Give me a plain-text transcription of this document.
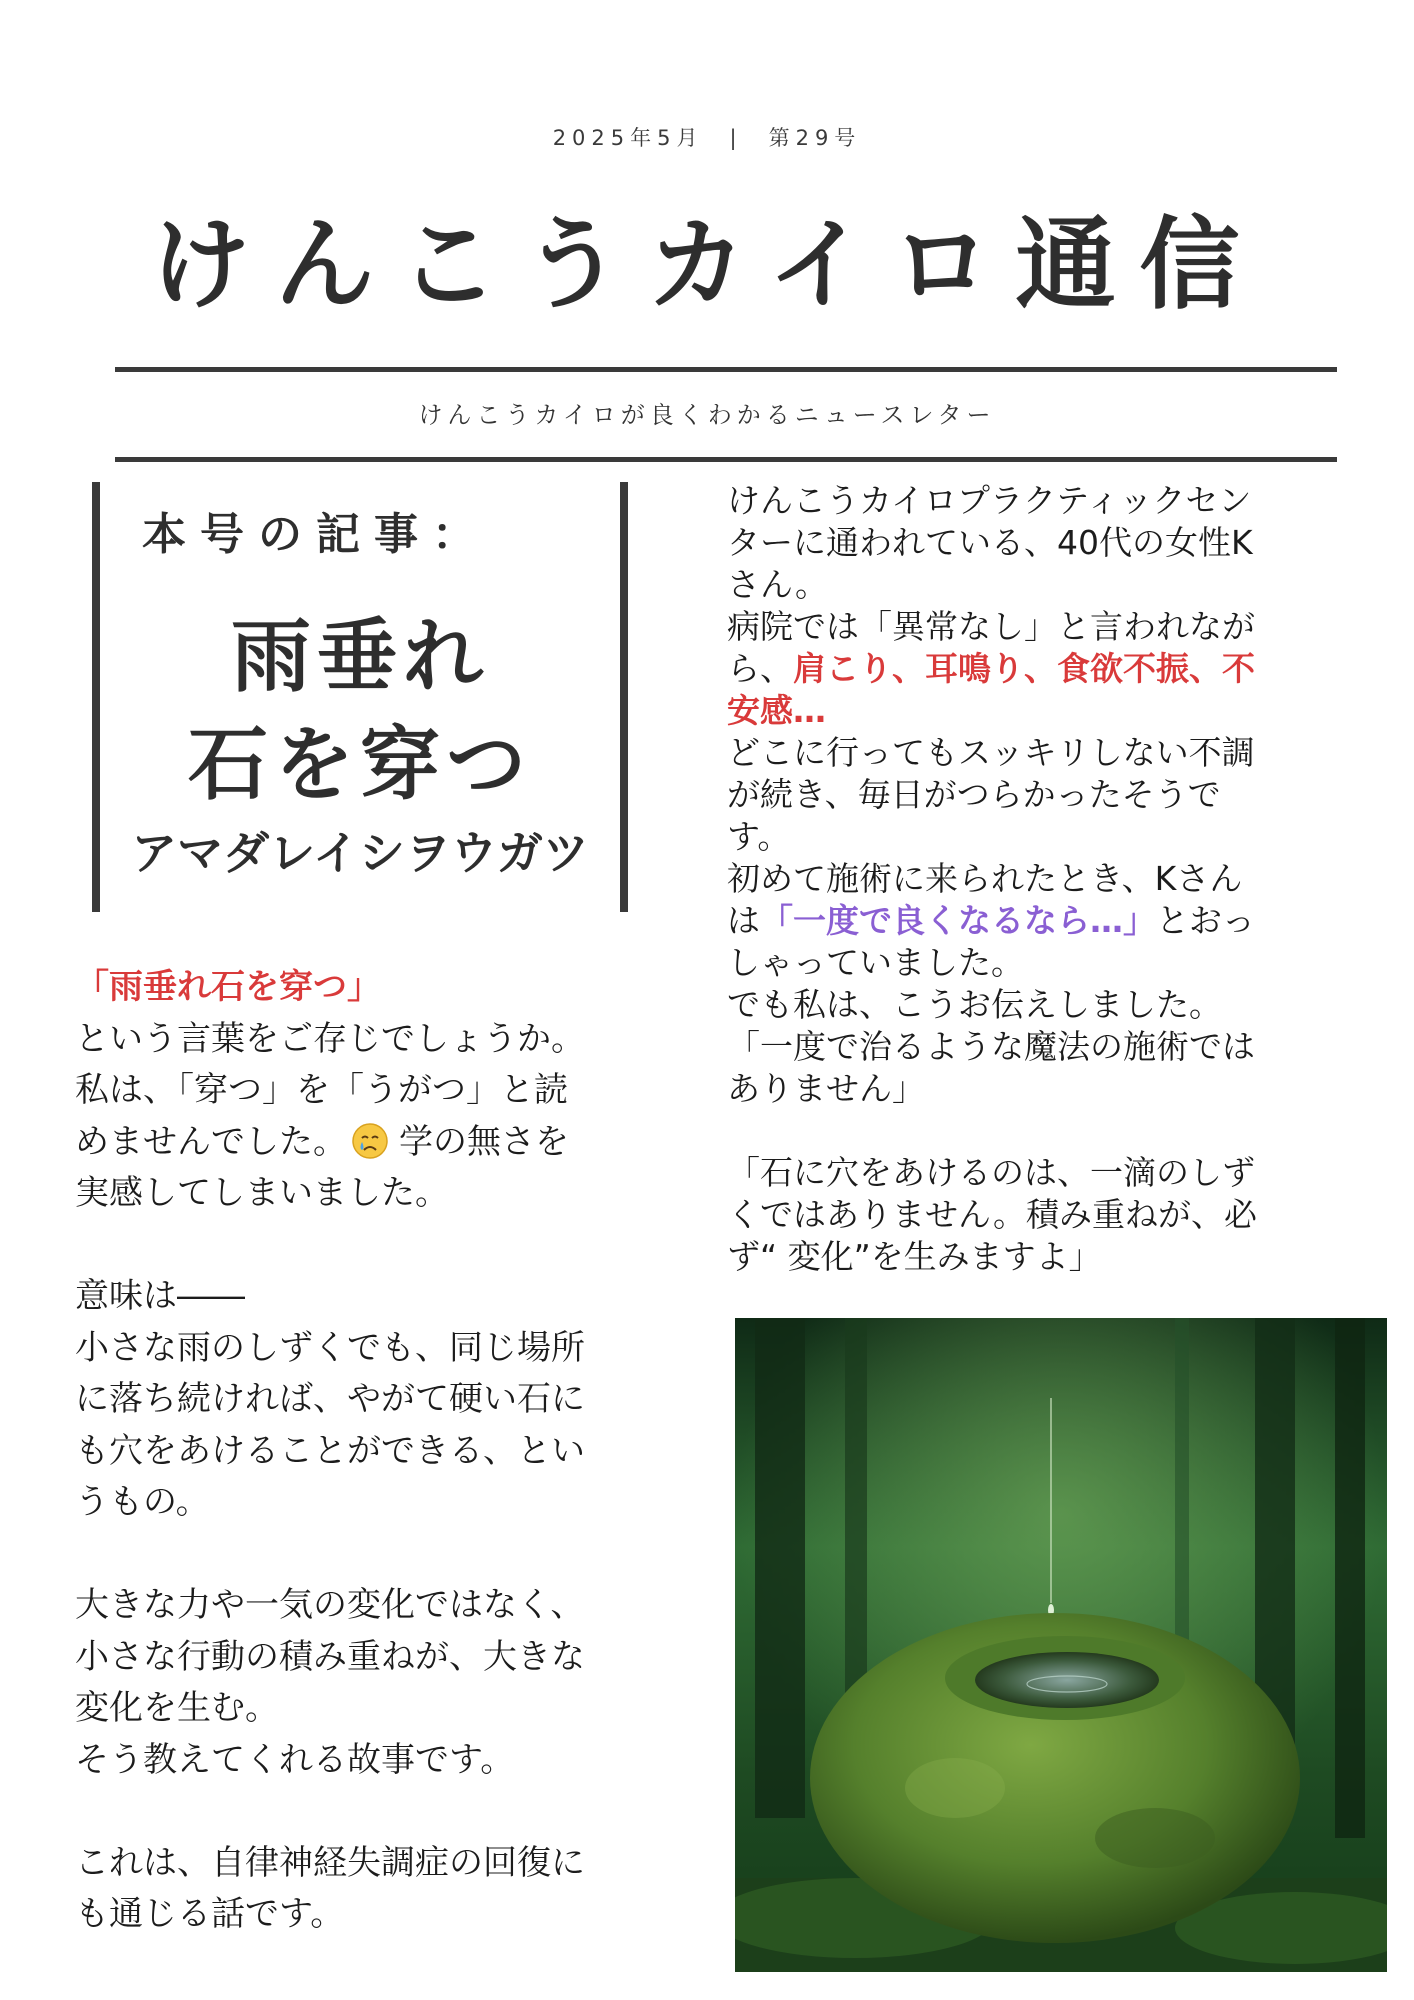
2025年5月 | 第29号
けんこうカイロ通信
けんこうカイロが良くわかるニュースレター
本号の記事：
雨垂れ
石を穿つ
アマダレイシヲウガツ
「雨垂れ石を穿つ」
という言葉をご存じでしょうか。
私は、「穿つ」を「うがつ」と読
めませんでした。 学の無さを
実感してしまいました。
意味は――
小さな雨のしずくでも、同じ場所
に落ち続ければ、やがて硬い石に
も穴をあけることができる、とい
うもの。
大きな力や一気の変化ではなく、
小さな行動の積み重ねが、大きな
変化を生む。
そう教えてくれる故事です。
これは、自律神経失調症の回復に
も通じる話です。
けんこうカイロプラクティックセン
ターに通われている、40代の女性K
さん。
病院では「異常なし」と言われなが
ら、肩こり、耳鳴り、食欲不振、不
安感…
どこに行ってもスッキリしない不調
が続き、毎日がつらかったそうで
す。
初めて施術に来られたとき、Kさん
は「一度で良くなるなら…」とおっ
しゃっていました。
でも私は、こうお伝えしました。
「一度で治るような魔法の施術では
ありません」
「石に穴をあけるのは、一滴のしず
くではありません。積み重ねが、必
ず“ 変化”を生みますよ」
